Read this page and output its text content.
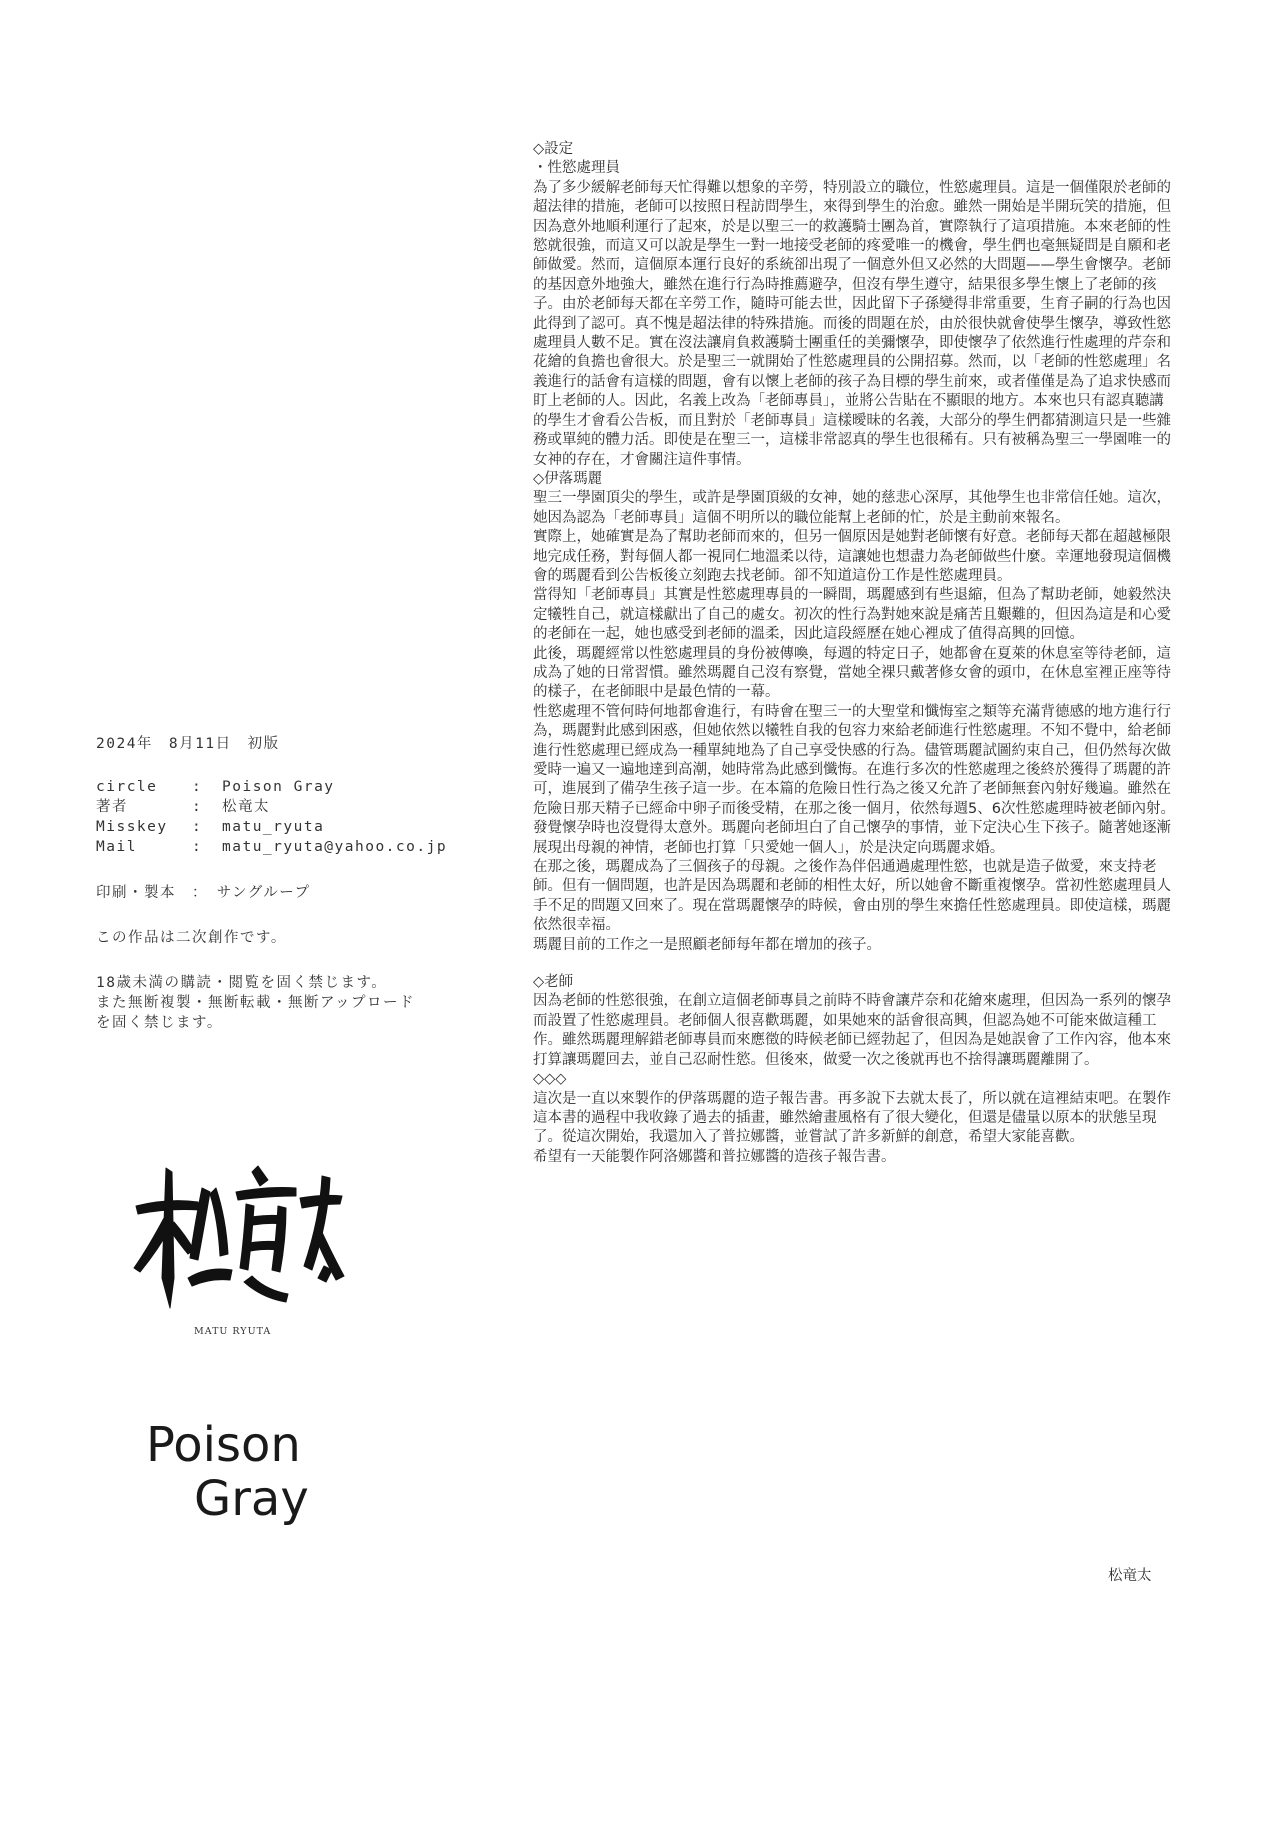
2024年　8月11日　初版

circle	:	Poison Gray
著者	:	松竜太
Misskey	:	matu_ryuta
Mail	:	matu_ryuta@yahoo.co.jp

印刷・製本　：　サングループ

この作品は二次創作です。

18歳未満の購読・閲覧を固く禁じます。

また無断複製・無断転載・無断アップロード

を固く禁じます。

MATU RYUTA
Poison
Gray

◇設定

・性慾處理員

為了多少緩解老師每天忙得難以想象的辛勞，特別設立的職位，性慾處理員。這是一個僅限於老師的超法律的措施，老師可以按照日程訪問學生，來得到學生的治愈。雖然一開始是半開玩笑的措施，但因為意外地順利運行了起來，於是以聖三一的救護騎士團為首，實際執行了這項措施。本來老師的性慾就很強，而這又可以說是學生一對一地接受老師的疼愛唯一的機會，學生們也毫無疑問是自願和老師做愛。然而，這個原本運行良好的系統卻出現了一個意外但又必然的大問題——學生會懷孕。老師的基因意外地強大，雖然在進行行為時推薦避孕，但沒有學生遵守，結果很多學生懷上了老師的孩子。由於老師每天都在辛勞工作，隨時可能去世，因此留下子孫變得非常重要，生育子嗣的行為也因此得到了認可。真不愧是超法律的特殊措施。而後的問題在於，由於很快就會使學生懷孕，導致性慾處理員人數不足。實在沒法讓肩負救護騎士團重任的美彌懷孕，即使懷孕了依然進行性處理的芹奈和花繪的負擔也會很大。於是聖三一就開始了性慾處理員的公開招募。然而，以「老師的性慾處理」名義進行的話會有這樣的問題，會有以懷上老師的孩子為目標的學生前來，或者僅僅是為了追求快感而盯上老師的人。因此，名義上改為「老師專員」，並將公告貼在不顯眼的地方。本來也只有認真聽講的學生才會看公告板，而且對於「老師專員」這樣曖昧的名義，大部分的學生們都猜測這只是一些雜務或單純的體力活。即使是在聖三一，這樣非常認真的學生也很稀有。只有被稱為聖三一學園唯一的女神的存在，才會關注這件事情。

◇伊落瑪麗

聖三一學園頂尖的學生，或許是學園頂級的女神，她的慈悲心深厚，其他學生也非常信任她。這次，她因為認為「老師專員」這個不明所以的職位能幫上老師的忙，於是主動前來報名。

實際上，她確實是為了幫助老師而來的，但另一個原因是她對老師懷有好意。老師每天都在超越極限地完成任務，對每個人都一視同仁地溫柔以待，這讓她也想盡力為老師做些什麼。幸運地發現這個機會的瑪麗看到公告板後立刻跑去找老師。卻不知道這份工作是性慾處理員。

當得知「老師專員」其實是性慾處理專員的一瞬間，瑪麗感到有些退縮，但為了幫助老師，她毅然決定犧牲自己，就這樣獻出了自己的處女。初次的性行為對她來說是痛苦且艱難的，但因為這是和心愛的老師在一起，她也感受到老師的溫柔，因此這段經歷在她心裡成了值得高興的回憶。

此後，瑪麗經常以性慾處理員的身份被傳喚，每週的特定日子，她都會在夏萊的休息室等待老師，這成為了她的日常習慣。雖然瑪麗自己沒有察覺，當她全裸只戴著修女會的頭巾，在休息室裡正座等待的樣子，在老師眼中是最色情的一幕。

性慾處理不管何時何地都會進行，有時會在聖三一的大聖堂和懺悔室之類等充滿背德感的地方進行行為，瑪麗對此感到困惑，但她依然以犧牲自我的包容力來給老師進行性慾處理。不知不覺中，給老師進行性慾處理已經成為一種單純地為了自己享受快感的行為。儘管瑪麗試圖約束自己，但仍然每次做愛時一遍又一遍地達到高潮，她時常為此感到懺悔。在進行多次的性慾處理之後終於獲得了瑪麗的許可，進展到了備孕生孩子這一步。在本篇的危險日性行為之後又允許了老師無套內射好幾遍。雖然在危險日那天精子已經命中卵子而後受精，在那之後一個月，依然每週5、6次性慾處理時被老師內射。發覺懷孕時也沒覺得太意外。瑪麗向老師坦白了自己懷孕的事情，並下定決心生下孩子。隨著她逐漸展現出母親的神情，老師也打算「只愛她一個人」，於是決定向瑪麗求婚。

在那之後，瑪麗成為了三個孩子的母親。之後作為伴侶通過處理性慾，也就是造子做愛，來支持老師。但有一個問題，也許是因為瑪麗和老師的相性太好，所以她會不斷重複懷孕。當初性慾處理員人手不足的問題又回來了。現在當瑪麗懷孕的時候，會由別的學生來擔任性慾處理員。即使這樣，瑪麗依然很幸福。

瑪麗目前的工作之一是照顧老師每年都在增加的孩子。

◇老師

因為老師的性慾很強，在創立這個老師專員之前時不時會讓芹奈和花繪來處理，但因為一系列的懷孕而設置了性慾處理員。老師個人很喜歡瑪麗，如果她來的話會很高興，但認為她不可能來做這種工作。雖然瑪麗理解錯老師專員而來應徵的時候老師已經勃起了，但因為是她誤會了工作內容，他本來打算讓瑪麗回去，並自己忍耐性慾。但後來，做愛一次之後就再也不捨得讓瑪麗離開了。

◇◇◇

這次是一直以來製作的伊落瑪麗的造子報告書。再多說下去就太長了，所以就在這裡結束吧。在製作這本書的過程中我收錄了過去的插畫，雖然繪畫風格有了很大變化，但還是儘量以原本的狀態呈現了。從這次開始，我還加入了普拉娜醬，並嘗試了許多新鮮的創意，希望大家能喜歡。

希望有一天能製作阿洛娜醬和普拉娜醬的造孩子報告書。

松竜太
